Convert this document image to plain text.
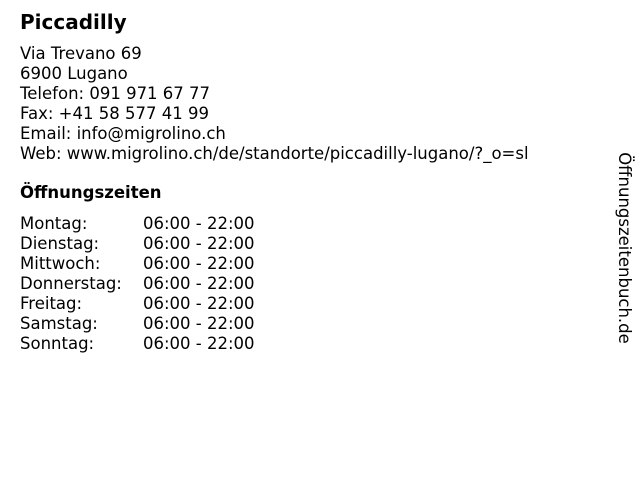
Piccadilly
Via Trevano 69
6900 Lugano
Telefon: 091 971 67 77
Fax: +41 58 577 41 99
Email: info@migrolino.ch
Web: www.migrolino.ch/de/standorte/piccadilly-lugano/?_o=sl
Öffnungszeiten
Montag:	06:00 - 22:00
Dienstag:	06:00 - 22:00
Mittwoch:	06:00 - 22:00
Donnerstag: 06:00 - 22:00
Freitag:	06:00 - 22:00
Samstag:	06:00 - 22:00
Sonntag:	06:00 - 22:00	Öffnungszeitenbuch.de
